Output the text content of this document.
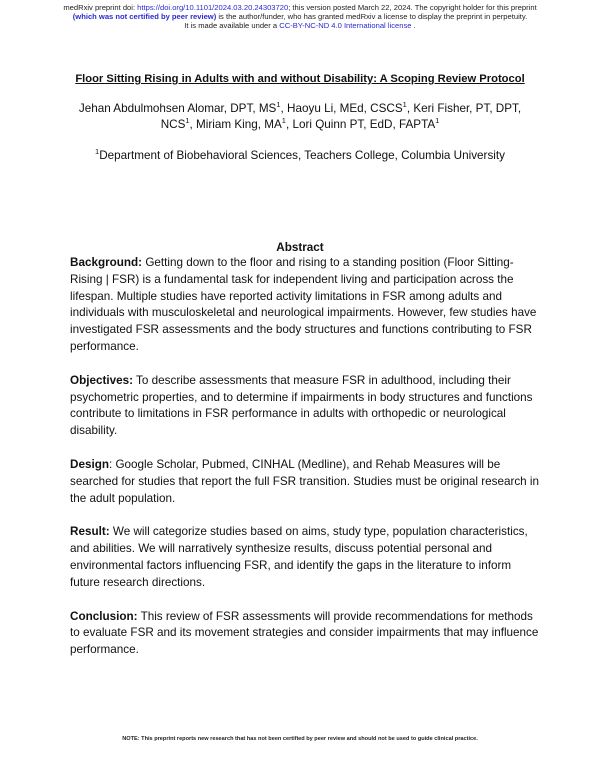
medRxiv preprint doi: https://doi.org/10.1101/2024.03.20.24303720; this version posted March 22, 2024. The copyright holder for this preprint
(which was not certified by peer review) is the author/funder, who has granted medRxiv a license to display the preprint in perpetuity.
It is made available under a CC-BY-NC-ND 4.0 International license .
Floor Sitting Rising in Adults with and without Disability: A Scoping Review Protocol
Jehan Abdulmohsen Alomar, DPT, $MS^1$, Haoyu Li, MEd, CSCS$^1$, Keri Fisher, PT, DPT, NCS$^1$, Miriam King, $MA^1$, Lori Quinn PT, EdD, FAPTA$^1$
$^1$Department of Biobehavioral Sciences, Teachers College, Columbia University
Abstract

Background: Getting down to the floor and rising to a standing position (Floor Sitting-Rising | FSR) is a fundamental task for independent living and participation across the lifespan. Multiple studies have reported activity limitations in FSR among adults and individuals with musculoskeletal and neurological impairments. However, few studies have investigated FSR assessments and the body structures and functions contributing to FSR performance.

Objectives: To describe assessments that measure FSR in adulthood, including their psychometric properties, and to determine if impairments in body structures and functions contribute to limitations in FSR performance in adults with orthopedic or neurological disability.

Design: Google Scholar, Pubmed, CINHAL (Medline), and Rehab Measures will be searched for studies that report the full FSR transition. Studies must be original research in the adult population.

Result: We will categorize studies based on aims, study type, population characteristics, and abilities. We will narratively synthesize results, discuss potential personal and environmental factors influencing FSR, and identify the gaps in the literature to inform future research directions.

Conclusion: This review of FSR assessments will provide recommendations for methods to evaluate FSR and its movement strategies and consider impairments that may influence performance.

NOTE: This preprint reports new research that has not been certified by peer review and should not be used to guide clinical practice.
